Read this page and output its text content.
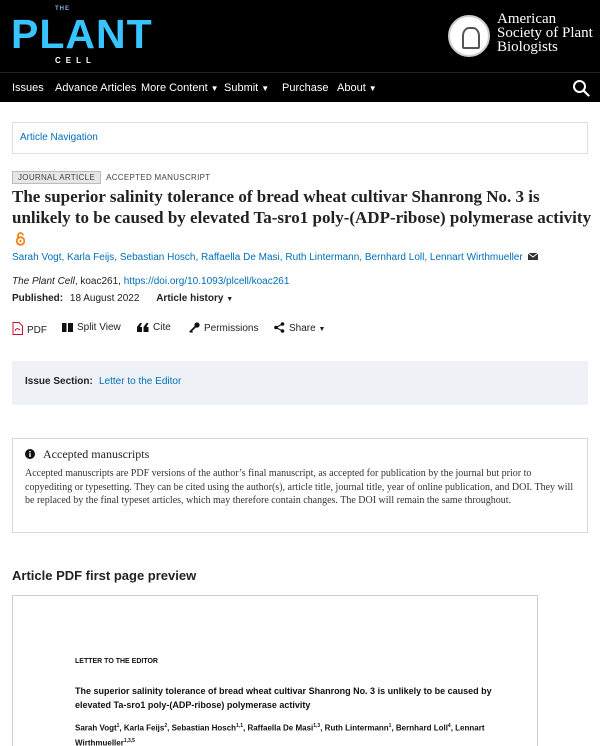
THE
PLANT
CELL
American
Society of Plant
Biologists
Issues Advance Articles More Content ▼ Submit ▼ Purchase About ▼
Article Navigation
JOURNAL ARTICLE ACCEPTED MANUSCRIPT
The superior salinity tolerance of bread wheat cultivar Shanrong No. 3 is unlikely to be caused by elevated Ta-sro1 poly-(ADP-ribose) polymerase activity
Sarah Vogt, Karla Feijs, Sebastian Hosch, Raffaella De Masi, Ruth Lintermann, Bernhard Loll, Lennart Wirthmueller
The Plant Cell, koac261, https://doi.org/10.1093/plcell/koac261
Published: 18 August 2022 Article history ▼
PDF	Split View	Cite	Permissions	Share ▼
Issue Section: Letter to the Editor
Accepted manuscripts
Accepted manuscripts are PDF versions of the author’s final manuscript, as accepted for publication by the journal but prior to copyediting or typesetting. They can be cited using the author(s), article title, journal title, year of online publication, and DOI. They will be replaced by the final typeset articles, which may therefore contain changes. The DOI will remain the same throughout.
Article PDF first page preview
LETTER TO THE EDITOR
The superior salinity tolerance of bread wheat cultivar Shanrong No. 3 is unlikely to be caused by elevated Ta-sro1 poly-(ADP-ribose) polymerase activity
Sarah Vogt$^1$, Karla Feijs$^2$, Sebastian Hosch$^{1,1}$, Raffaella De Masi$^{1,3}$, Ruth Lintermann$^1$, Bernhard Loll$^4$, Lennart Wirthmueller$^{1,3,5}$
